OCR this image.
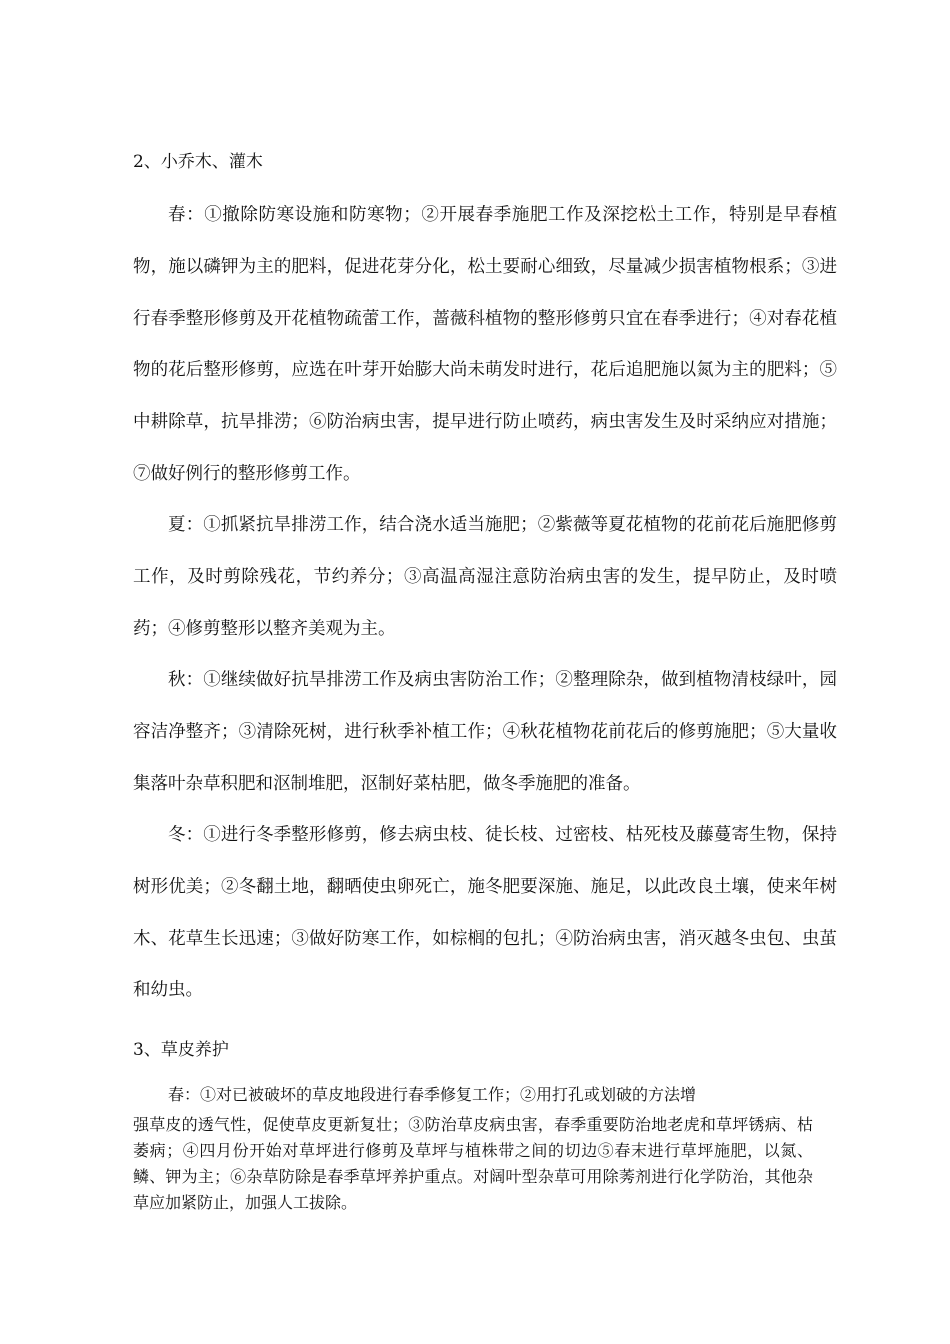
2、小乔木、灌木

春：①撤除防寒设施和防寒物；②开展春季施肥工作及深挖松土工作，特别是早春植物，施以磷钾为主的肥料，促进花芽分化，松土要耐心细致，尽量减少损害植物根系；③进行春季整形修剪及开花植物疏蕾工作，蔷薇科植物的整形修剪只宜在春季进行；④对春花植物的花后整形修剪，应选在叶芽开始膨大尚未萌发时进行，花后追肥施以氮为主的肥料；⑤中耕除草，抗旱排涝；⑥防治病虫害，提早进行防止喷药，病虫害发生及时采纳应对措施；⑦做好例行的整形修剪工作。

夏：①抓紧抗旱排涝工作，结合浇水适当施肥；②紫薇等夏花植物的花前花后施肥修剪工作，及时剪除残花，节约养分；③高温高湿注意防治病虫害的发生，提早防止，及时喷药；④修剪整形以整齐美观为主。

秋：①继续做好抗旱排涝工作及病虫害防治工作；②整理除杂，做到植物清枝绿叶，园容洁净整齐；③清除死树，进行秋季补植工作；④秋花植物花前花后的修剪施肥；⑤大量收集落叶杂草积肥和沤制堆肥，沤制好菜枯肥，做冬季施肥的准备。

冬：①进行冬季整形修剪，修去病虫枝、徒长枝、过密枝、枯死枝及藤蔓寄生物，保持树形优美；②冬翻土地，翻晒使虫卵死亡，施冬肥要深施、施足，以此改良土壤，使来年树木、花草生长迅速；③做好防寒工作，如棕榈的包扎；④防治病虫害，消灭越冬虫包、虫茧和幼虫。

3、草皮养护
春：①对已被破坏的草皮地段进行春季修复工作；②用打孔或划破的方法增

强草皮的透气性，促使草皮更新复壮；③防治草皮病虫害，春季重要防治地老虎和草坪锈病、枯萎病；④四月份开始对草坪进行修剪及草坪与植株带之间的切边⑤春末进行草坪施肥，以氮、鳞、钾为主；⑥杂草防除是春季草坪养护重点。对阔叶型杂草可用除莠剂进行化学防治，其他杂草应加紧防止，加强人工拔除。
